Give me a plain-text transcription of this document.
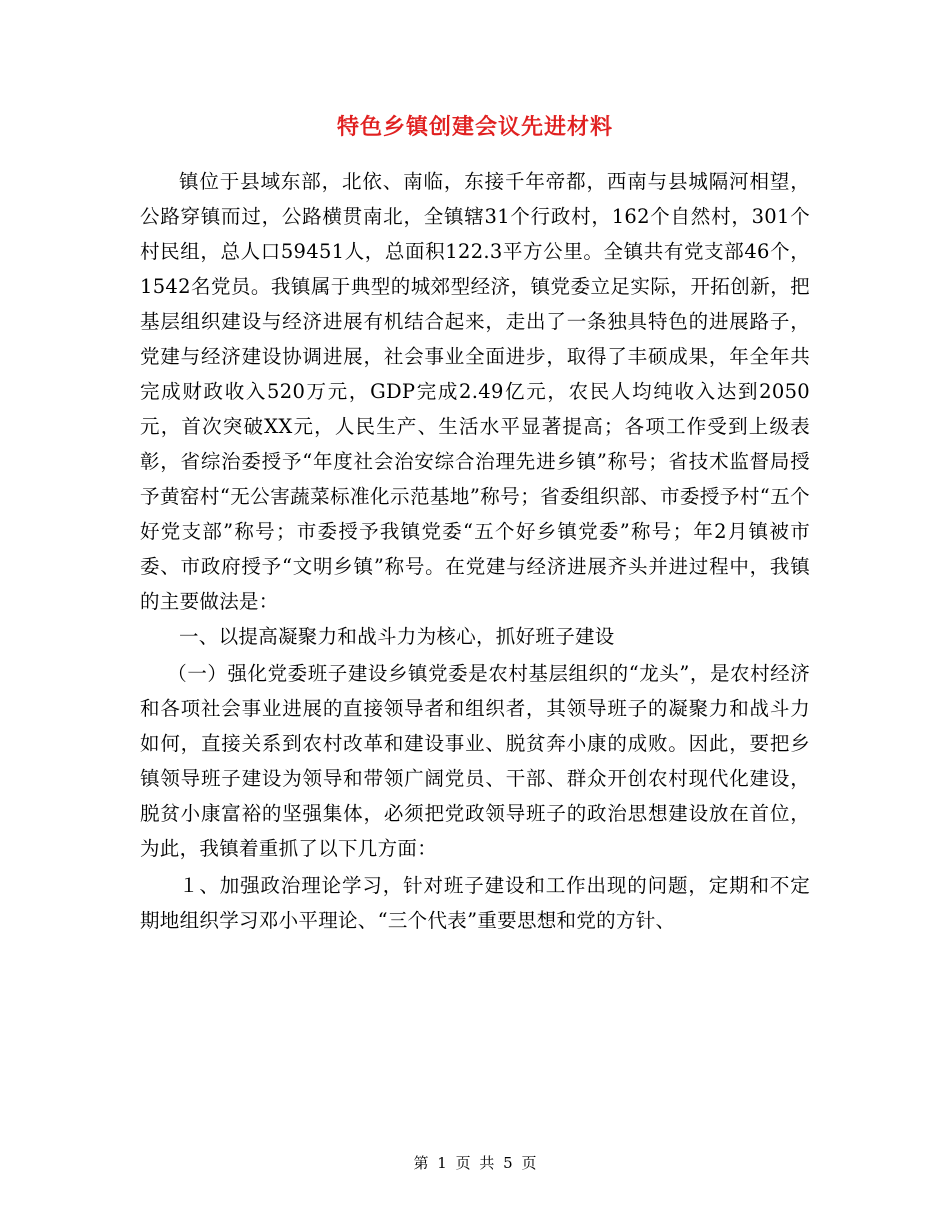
特色乡镇创建会议先进材料

镇位于县域东部，北依、南临，东接千年帝都，西南与县城隔河相望，公路穿镇而过，公路横贯南北，全镇辖31个行政村，162个自然村，301个村民组，总人口59451人，总面积122.3平方公里。全镇共有党支部46个，1542名党员。我镇属于典型的城郊型经济，镇党委立足实际，开拓创新，把基层组织建设与经济进展有机结合起来，走出了一条独具特色的进展路子，党建与经济建设协调进展，社会事业全面进步，取得了丰硕成果，年全年共完成财政收入520万元，GDP完成2.49亿元，农民人均纯收入达到2050元，首次突破XX元，人民生产、生活水平显著提高；各项工作受到上级表彰，省综治委授予“年度社会治安综合治理先进乡镇”称号；省技术监督局授予黄窑村“无公害蔬菜标准化示范基地”称号；省委组织部、市委授予村“五个好党支部”称号；市委授予我镇党委“五个好乡镇党委”称号；年2月镇被市委、市政府授予“文明乡镇”称号。在党建与经济进展齐头并进过程中，我镇的主要做法是：

一、以提高凝聚力和战斗力为核心，抓好班子建设

（一）强化党委班子建设乡镇党委是农村基层组织的“龙头”，是农村经济和各项社会事业进展的直接领导者和组织者，其领导班子的凝聚力和战斗力如何，直接关系到农村改革和建设事业、脱贫奔小康的成败。因此，要把乡镇领导班子建设为领导和带领广阔党员、干部、群众开创农村现代化建设，脱贫小康富裕的坚强集体，必须把党政领导班子的政治思想建设放在首位，为此，我镇着重抓了以下几方面：

１、加强政治理论学习，针对班子建设和工作出现的问题，定期和不定期地组织学习邓小平理论、“三个代表”重要思想和党的方针、

第 1 页 共 5 页
